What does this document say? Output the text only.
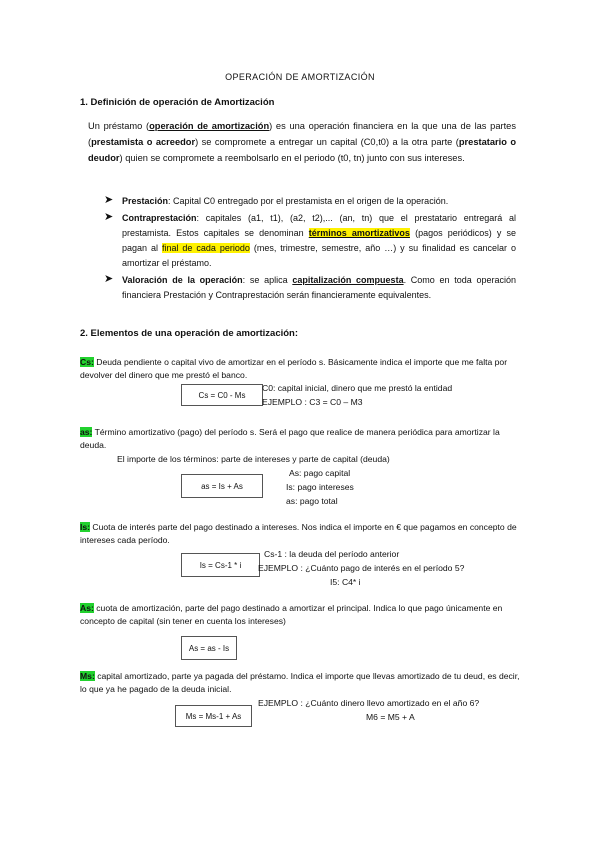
OPERACIÓN DE AMORTIZACIÓN
1. Definición de operación de Amortización
Un préstamo (operación de amortización) es una operación financiera en la que una de las partes (prestamista o acreedor) se compromete a entregar un capital (C0,t0) a la otra parte (prestatario o deudor) quien se compromete a reembolsarlo en el periodo (t0, tn) junto con sus intereses.
➤ Prestación: Capital C0 entregado por el prestamista en el origen de la operación.
➤ Contraprestación: capitales (a1, t1), (a2, t2),... (an, tn) que el prestatario entregará al prestamista. Estos capitales se denominan términos amortizativos (pagos periódicos) y se pagan al final de cada periodo (mes, trimestre, semestre, año …) y su finalidad es cancelar o amortizar el préstamo.
➤ Valoración de la operación: se aplica capitalización compuesta. Como en toda operación financiera Prestación y Contraprestación serán financieramente equivalentes.
2. Elementos de una operación de amortización:
Cs: Deuda pendiente o capital vivo de amortizar en el período s. Básicamente indica el importe que me falta por devolver del dinero que me prestó el banco.
Cs = C0 - Ms
C0: capital inicial, dinero que me prestó la entidad
EJEMPLO : C3 = C0 – M3
as: Término amortizativo (pago) del período s. Será el pago que realice de manera periódica para amortizar la deuda.
El importe de los términos: parte de intereses y parte de capital (deuda)
as = Is + As
As: pago capital
Is: pago intereses
as: pago total
Is: Cuota de interés parte del pago destinado a intereses. Nos indica el importe en € que pagamos en concepto de intereses cada período.
Is = Cs-1 * i
Cs-1 : la deuda del período anterior
EJEMPLO : ¿Cuánto pago de interés en el período 5?
I5: C4* i
As: cuota de amortización, parte del pago destinado a amortizar el principal. Indica lo que pago únicamente en concepto de capital (sin tener en cuenta los intereses)
As = as - Is
Ms: capital amortizado, parte ya pagada del préstamo. Indica el importe que llevas amortizado de tu deud, es decir, lo que ya he pagado de la deuda inicial.
EJEMPLO : ¿Cuánto dinero llevo amortizado en el año 6?
M6 = M5 + A
Ms = Ms-1 + As
